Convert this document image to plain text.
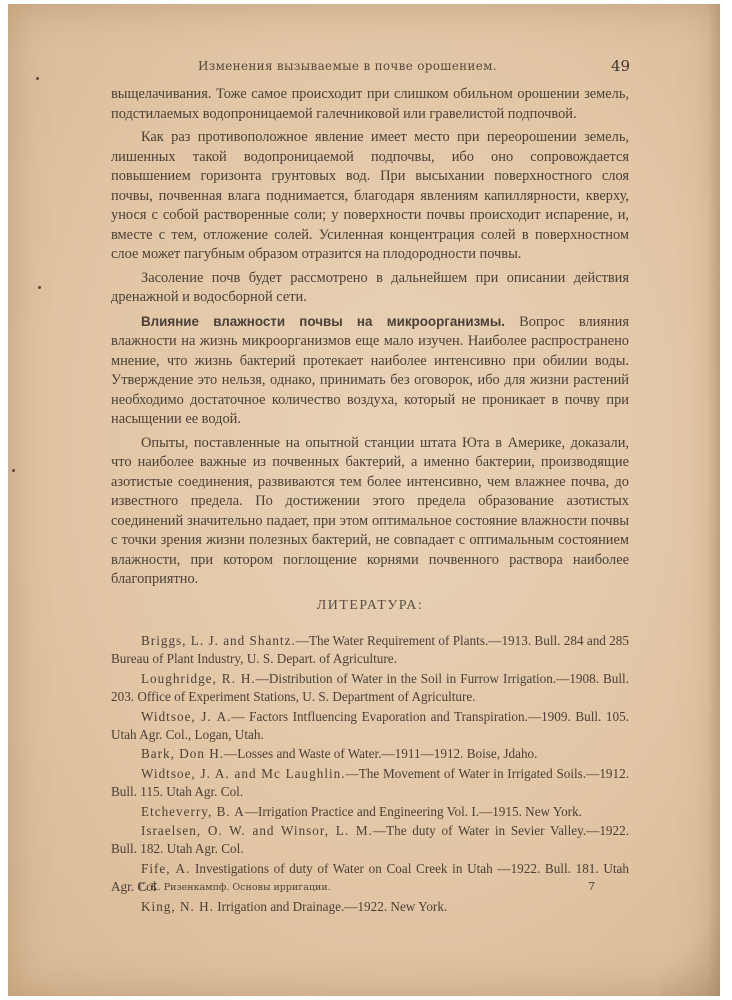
Изменения вызываемые в почве орошением.	49

выщелачивания. Тоже самое происходит при слишком обильном орошении земель, подстилаемых водопроницаемой галечниковой или гравелистой подпочвой.

Как раз противоположное явление имеет место при переорошении земель, лишенных такой водопроницаемой подпочвы, ибо оно сопровождается повышением горизонта грунтовых вод. При высыхании поверхностного слоя почвы, почвенная влага поднимается, благодаря явлениям капиллярности, кверху, унося с собой растворенные соли; у поверхности почвы происходит испарение, и, вместе с тем, отложение солей. Усиленная концентрация солей в поверхностном слое может пагубным образом отразится на плодородности почвы.

Засоление почв будет рассмотрено в дальнейшем при описании действия дренажной и водосборной сети.

Влияние влажности почвы на микроорганизмы. Вопрос влияния влажности на жизнь микроорганизмов еще мало изучен. Наиболее распространено мнение, что жизнь бактерий протекает наиболее интенсивно при обилии воды. Утверждение это нельзя, однако, принимать без оговорок, ибо для жизни растений необходимо достаточное количество воздуха, который не проникает в почву при насыщении ее водой.

Опыты, поставленные на опытной станции штата Юта в Америке, доказали, что наиболее важные из почвенных бактерий, а именно бактерии, производящие азотистые соединения, развиваются тем более интенсивно, чем влажнее почва, до известного предела. По достижении этого предела образование азотистых соединений значительно падает, при этом оптимальное состояние влажности почвы с точки зрения жизни полезных бактерий, не совпадает с оптимальным состоянием влажности, при котором поглощение корнями почвенного раствора наиболее благоприятно.

ЛИТЕРАТУРА:

Briggs, L. J. and Shantz.—The Water Requirement of Plants.—1913. Bull. 284 and 285 Bureau of Plant Industry, U. S. Depart. of Agriculture.

Loughridge, R. H.—Distribution of Water in the Soil in Furrow Irrigation.—1908. Bull. 203. Office of Experiment Stations, U. S. Department of Agriculture.

Widtsoe, J. A.— Factors Intfluencing Evaporation and Transpiration.—1909. Bull. 105. Utah Agr. Col., Logan, Utah.

Bark, Don H.—Losses and Waste of Water.—1911—1912. Boise, Jdaho.

Widtsoe, J. A. and Mc Laughlin.—The Movement of Water in Irrigated Soils.—1912. Bull. 115. Utah Agr. Col.

Etcheverry, B. A—Irrigation Practice and Engineering Vol. I.—1915. New York.

Israelsen, O. W. and Winsor, L. M.—The duty of Water in Sevier Valley.—1922. Bull. 182. Utah Agr. Col.

Fife, A. Investigations of duty of Water on Coal Creek in Utah —1922. Bull. 181. Utah Agr. Col

King, N. H. Irrigation and Drainage.—1922. New York.

Г. К. Ризенкампф. Основы ирригации.	7
